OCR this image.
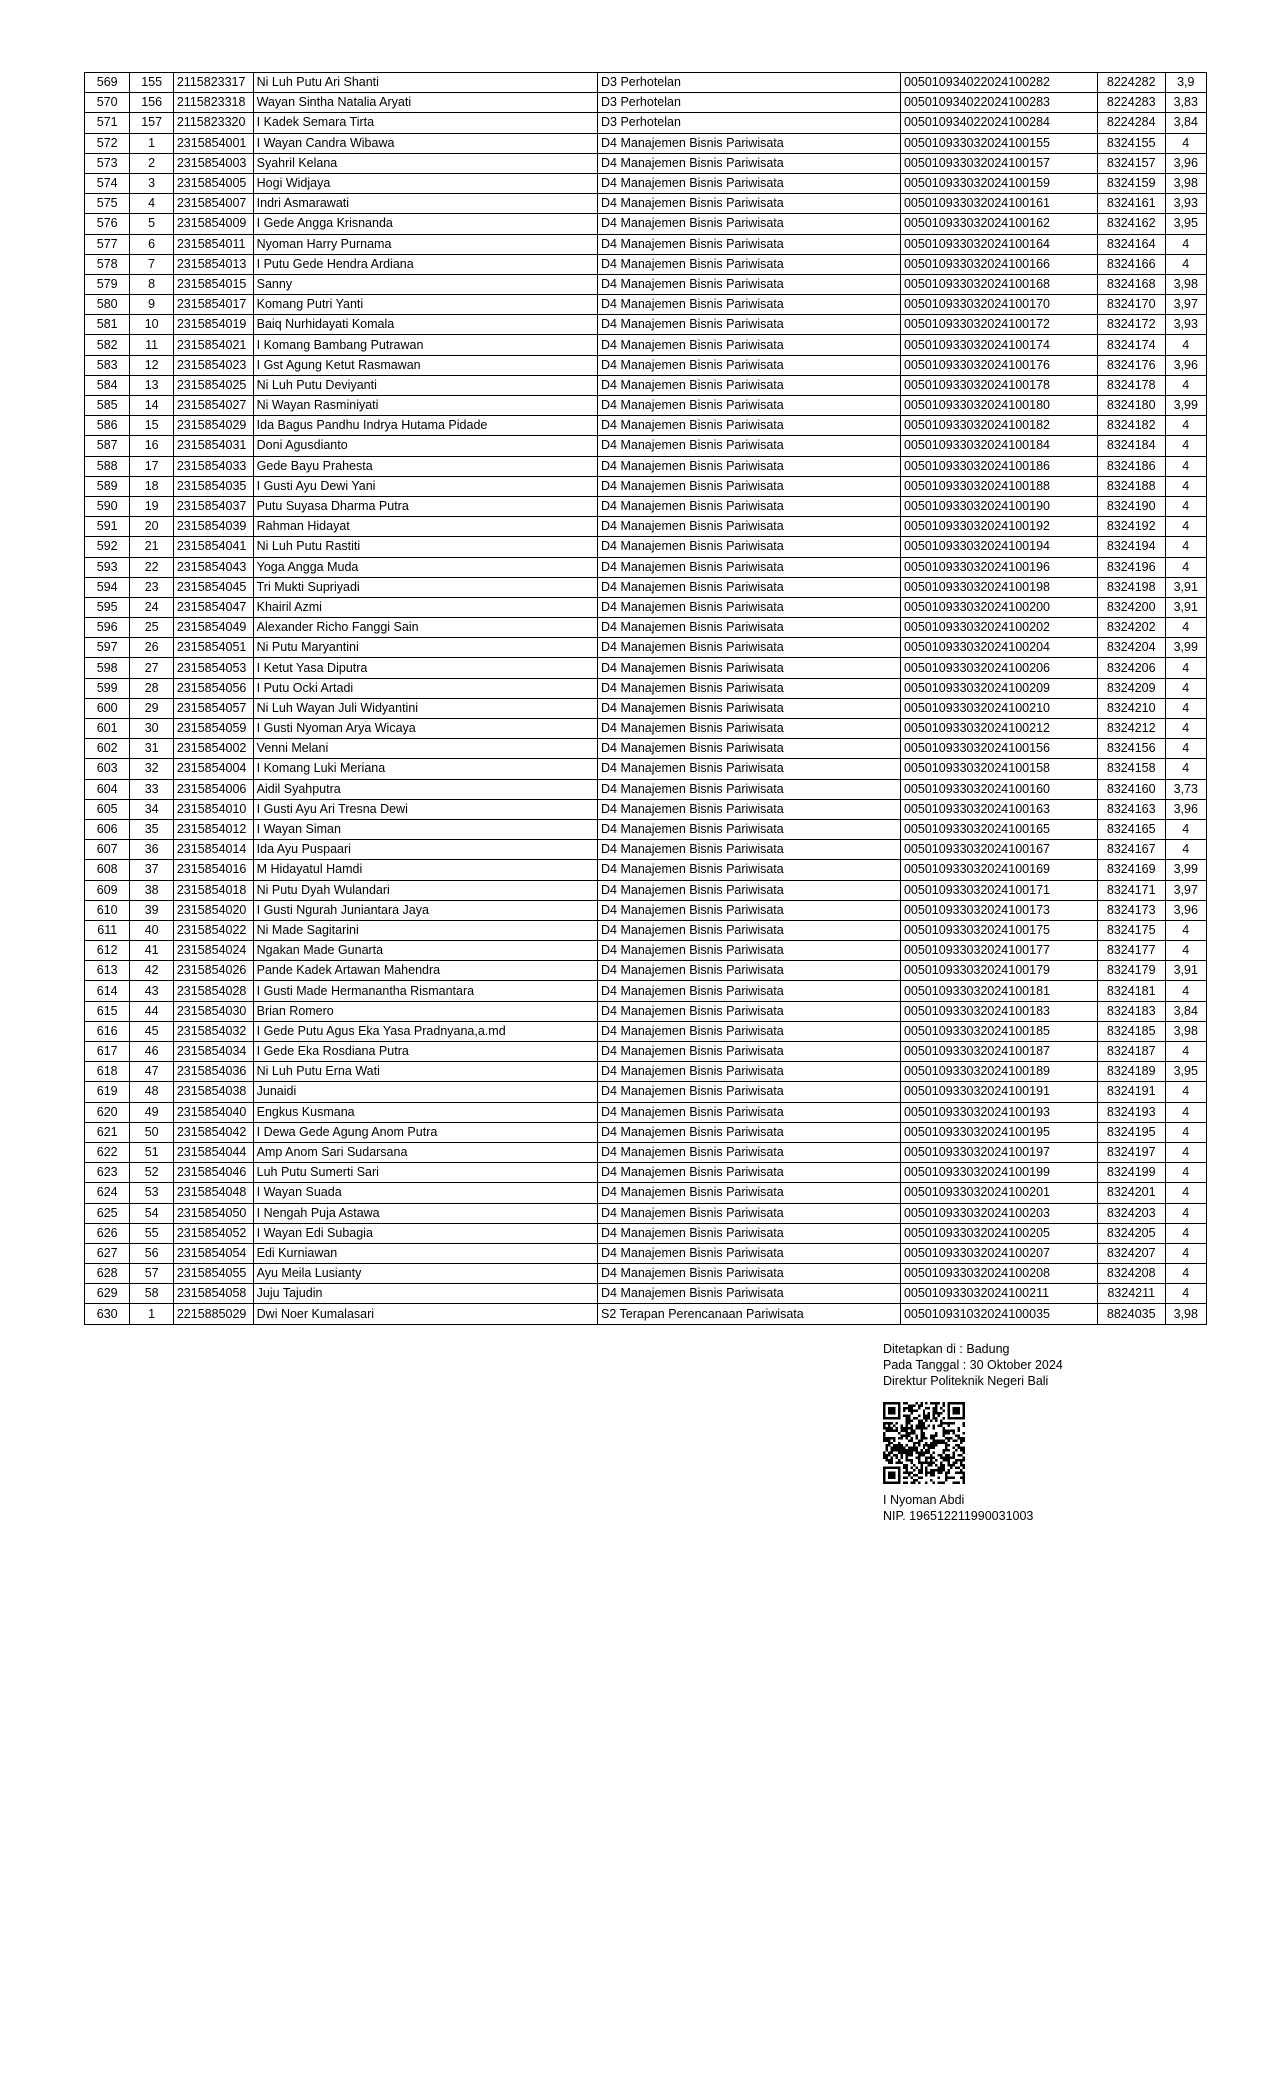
569	155	2115823317	Ni Luh Putu Ari Shanti	D3 Perhotelan	005010934022024100282	8224282	3,9
570	156	2115823318	Wayan Sintha Natalia Aryati	D3 Perhotelan	005010934022024100283	8224283	3,83
571	157	2115823320	I Kadek Semara Tirta	D3 Perhotelan	005010934022024100284	8224284	3,84
572	1	2315854001	I Wayan Candra Wibawa	D4 Manajemen Bisnis Pariwisata	005010933032024100155	8324155	4
573	2	2315854003	Syahril Kelana	D4 Manajemen Bisnis Pariwisata	005010933032024100157	8324157	3,96
574	3	2315854005	Hogi Widjaya	D4 Manajemen Bisnis Pariwisata	005010933032024100159	8324159	3,98
575	4	2315854007	Indri Asmarawati	D4 Manajemen Bisnis Pariwisata	005010933032024100161	8324161	3,93
576	5	2315854009	I Gede Angga Krisnanda	D4 Manajemen Bisnis Pariwisata	005010933032024100162	8324162	3,95
577	6	2315854011	Nyoman Harry Purnama	D4 Manajemen Bisnis Pariwisata	005010933032024100164	8324164	4
578	7	2315854013	I Putu Gede Hendra Ardiana	D4 Manajemen Bisnis Pariwisata	005010933032024100166	8324166	4
579	8	2315854015	Sanny	D4 Manajemen Bisnis Pariwisata	005010933032024100168	8324168	3,98
580	9	2315854017	Komang Putri Yanti	D4 Manajemen Bisnis Pariwisata	005010933032024100170	8324170	3,97
581	10	2315854019	Baiq Nurhidayati Komala	D4 Manajemen Bisnis Pariwisata	005010933032024100172	8324172	3,93
582	11	2315854021	I Komang Bambang Putrawan	D4 Manajemen Bisnis Pariwisata	005010933032024100174	8324174	4
583	12	2315854023	I Gst Agung Ketut Rasmawan	D4 Manajemen Bisnis Pariwisata	005010933032024100176	8324176	3,96
584	13	2315854025	Ni Luh Putu Deviyanti	D4 Manajemen Bisnis Pariwisata	005010933032024100178	8324178	4
585	14	2315854027	Ni Wayan Rasminiyati	D4 Manajemen Bisnis Pariwisata	005010933032024100180	8324180	3,99
586	15	2315854029	Ida Bagus Pandhu Indrya Hutama Pidade	D4 Manajemen Bisnis Pariwisata	005010933032024100182	8324182	4
587	16	2315854031	Doni Agusdianto	D4 Manajemen Bisnis Pariwisata	005010933032024100184	8324184	4
588	17	2315854033	Gede Bayu Prahesta	D4 Manajemen Bisnis Pariwisata	005010933032024100186	8324186	4
589	18	2315854035	I Gusti Ayu Dewi Yani	D4 Manajemen Bisnis Pariwisata	005010933032024100188	8324188	4
590	19	2315854037	Putu Suyasa Dharma Putra	D4 Manajemen Bisnis Pariwisata	005010933032024100190	8324190	4
591	20	2315854039	Rahman Hidayat	D4 Manajemen Bisnis Pariwisata	005010933032024100192	8324192	4
592	21	2315854041	Ni Luh Putu Rastiti	D4 Manajemen Bisnis Pariwisata	005010933032024100194	8324194	4
593	22	2315854043	Yoga Angga Muda	D4 Manajemen Bisnis Pariwisata	005010933032024100196	8324196	4
594	23	2315854045	Tri Mukti Supriyadi	D4 Manajemen Bisnis Pariwisata	005010933032024100198	8324198	3,91
595	24	2315854047	Khairil Azmi	D4 Manajemen Bisnis Pariwisata	005010933032024100200	8324200	3,91
596	25	2315854049	Alexander Richo Fanggi Sain	D4 Manajemen Bisnis Pariwisata	005010933032024100202	8324202	4
597	26	2315854051	Ni Putu Maryantini	D4 Manajemen Bisnis Pariwisata	005010933032024100204	8324204	3,99
598	27	2315854053	I Ketut Yasa Diputra	D4 Manajemen Bisnis Pariwisata	005010933032024100206	8324206	4
599	28	2315854056	I Putu Ocki Artadi	D4 Manajemen Bisnis Pariwisata	005010933032024100209	8324209	4
600	29	2315854057	Ni Luh Wayan Juli Widyantini	D4 Manajemen Bisnis Pariwisata	005010933032024100210	8324210	4
601	30	2315854059	I Gusti Nyoman Arya Wicaya	D4 Manajemen Bisnis Pariwisata	005010933032024100212	8324212	4
602	31	2315854002	Venni Melani	D4 Manajemen Bisnis Pariwisata	005010933032024100156	8324156	4
603	32	2315854004	I Komang Luki Meriana	D4 Manajemen Bisnis Pariwisata	005010933032024100158	8324158	4
604	33	2315854006	Aidil Syahputra	D4 Manajemen Bisnis Pariwisata	005010933032024100160	8324160	3,73
605	34	2315854010	I Gusti Ayu Ari Tresna Dewi	D4 Manajemen Bisnis Pariwisata	005010933032024100163	8324163	3,96
606	35	2315854012	I Wayan Siman	D4 Manajemen Bisnis Pariwisata	005010933032024100165	8324165	4
607	36	2315854014	Ida Ayu Puspaari	D4 Manajemen Bisnis Pariwisata	005010933032024100167	8324167	4
608	37	2315854016	M Hidayatul Hamdi	D4 Manajemen Bisnis Pariwisata	005010933032024100169	8324169	3,99
609	38	2315854018	Ni Putu Dyah Wulandari	D4 Manajemen Bisnis Pariwisata	005010933032024100171	8324171	3,97
610	39	2315854020	I Gusti Ngurah Juniantara Jaya	D4 Manajemen Bisnis Pariwisata	005010933032024100173	8324173	3,96
611	40	2315854022	Ni Made Sagitarini	D4 Manajemen Bisnis Pariwisata	005010933032024100175	8324175	4
612	41	2315854024	Ngakan Made Gunarta	D4 Manajemen Bisnis Pariwisata	005010933032024100177	8324177	4
613	42	2315854026	Pande Kadek Artawan Mahendra	D4 Manajemen Bisnis Pariwisata	005010933032024100179	8324179	3,91
614	43	2315854028	I Gusti Made Hermanantha Rismantara	D4 Manajemen Bisnis Pariwisata	005010933032024100181	8324181	4
615	44	2315854030	Brian Romero	D4 Manajemen Bisnis Pariwisata	005010933032024100183	8324183	3,84
616	45	2315854032	I Gede Putu Agus Eka Yasa Pradnyana,a.md	D4 Manajemen Bisnis Pariwisata	005010933032024100185	8324185	3,98
617	46	2315854034	I Gede Eka Rosdiana Putra	D4 Manajemen Bisnis Pariwisata	005010933032024100187	8324187	4
618	47	2315854036	Ni Luh Putu Erna Wati	D4 Manajemen Bisnis Pariwisata	005010933032024100189	8324189	3,95
619	48	2315854038	Junaidi	D4 Manajemen Bisnis Pariwisata	005010933032024100191	8324191	4
620	49	2315854040	Engkus Kusmana	D4 Manajemen Bisnis Pariwisata	005010933032024100193	8324193	4
621	50	2315854042	I Dewa Gede Agung Anom Putra	D4 Manajemen Bisnis Pariwisata	005010933032024100195	8324195	4
622	51	2315854044	Amp Anom Sari Sudarsana	D4 Manajemen Bisnis Pariwisata	005010933032024100197	8324197	4
623	52	2315854046	Luh Putu Sumerti Sari	D4 Manajemen Bisnis Pariwisata	005010933032024100199	8324199	4
624	53	2315854048	I Wayan Suada	D4 Manajemen Bisnis Pariwisata	005010933032024100201	8324201	4
625	54	2315854050	I Nengah Puja Astawa	D4 Manajemen Bisnis Pariwisata	005010933032024100203	8324203	4
626	55	2315854052	I Wayan Edi Subagia	D4 Manajemen Bisnis Pariwisata	005010933032024100205	8324205	4
627	56	2315854054	Edi Kurniawan	D4 Manajemen Bisnis Pariwisata	005010933032024100207	8324207	4
628	57	2315854055	Ayu Meila Lusianty	D4 Manajemen Bisnis Pariwisata	005010933032024100208	8324208	4
629	58	2315854058	Juju Tajudin	D4 Manajemen Bisnis Pariwisata	005010933032024100211	8324211	4
630	1	2215885029	Dwi Noer Kumalasari	S2 Terapan Perencanaan Pariwisata	005010931032024100035	8824035	3,98
Ditetapkan di : Badung
Pada Tanggal : 30 Oktober 2024
Direktur Politeknik Negeri Bali
I Nyoman Abdi
NIP. 196512211990031003
